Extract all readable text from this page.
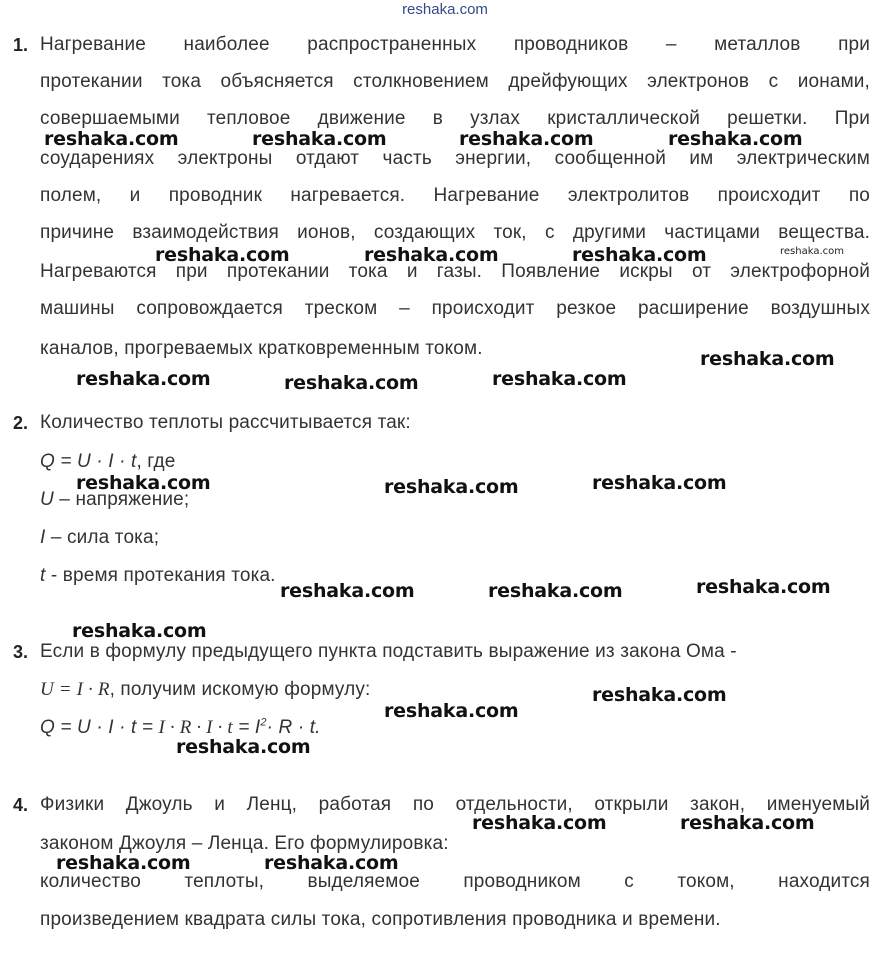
reshaka.com
1. Нагревание наиболее распространенных проводников – металлов при
протекании тока объясняется столкновением дрейфующих электронов с ионами,
совершаемыми тепловое движение в узлах кристаллической решетки. При
соударениях электроны отдают часть энергии, сообщенной им электрическим
полем, и проводник нагревается. Нагревание электролитов происходит по
причине взаимодействия ионов, создающих ток, с другими частицами вещества.
Нагреваются при протекании тока и газы. Появление искры от электрофорной
машины сопровождается треском – происходит резкое расширение воздушных
каналов, прогреваемых кратковременным током.
2. Количество теплоты рассчитывается так:
Q = U · I · t, где
U – напряжение;
I – сила тока;
t - время протекания тока.
3. Если в формулу предыдущего пункта подставить выражение из закона Ома -
U = I · R, получим искомую формулу:
$Q = U \cdot I \cdot t = I \cdot R \cdot I \cdot t = I^2\cdot R \cdot t$.
4. Физики Джоуль и Ленц, работая по отдельности, открыли закон, именуемый
законом Джоуля – Ленца. Его формулировка:
количество теплоты, выделяемое проводником с током, находится
произведением квадрата силы тока, сопротивления проводника и времени.
reshaka.com	reshaka.com	reshaka.com	reshaka.com
reshaka.com	reshaka.com	reshaka.com	reshaka.com
reshaka.com
reshaka.com	reshaka.com	reshaka.com
reshaka.com	reshaka.com	reshaka.com
reshaka.com
reshaka.com	reshaka.com
reshaka.com
reshaka.com
reshaka.com
reshaka.com
reshaka.com	reshaka.com
reshaka.com	reshaka.com
